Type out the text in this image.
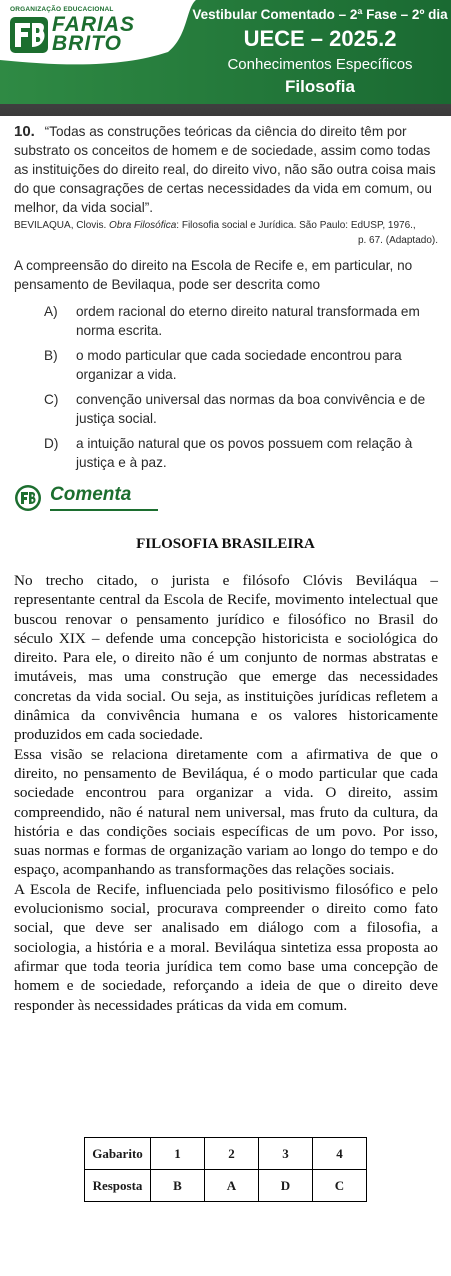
ORGANIZAÇÃO EDUCACIONAL
FARIAS
BRITO
Vestibular Comentado – 2ª Fase – 2º dia
UECE – 2025.2
Conhecimentos Específicos
Filosofia
10. “Todas as construções teóricas da ciência do direito têm por substrato os conceitos de homem e de sociedade, assim como todas as instituições do direito real, do direito vivo, não são outra coisa mais do que consagrações de certas necessidades da vida em comum, ou melhor, da vida social”.
BEVILAQUA, Clovis. Obra Filosófica: Filosofia social e Jurídica. São Paulo: EdUSP, 1976.,
p. 67. (Adaptado).
A compreensão do direito na Escola de Recife e, em particular, no pensamento de Bevilaqua, pode ser descrita como
A) ordem racional do eterno direito natural transformada em norma escrita.
B) o modo particular que cada sociedade encontrou para organizar a vida.
C) convenção universal das normas da boa convivência e de justiça social.
D) a intuição natural que os povos possuem com relação à justiça e à paz.
Comenta
FILOSOFIA BRASILEIRA

No trecho citado, o jurista e filósofo Clóvis Beviláqua – representante central da Escola de Recife, movimento intelectual que buscou renovar o pensamento jurídico e filosófico no Brasil do século XIX – defende uma concepção historicista e sociológica do direito. Para ele, o direito não é um conjunto de normas abstratas e imutáveis, mas uma construção que emerge das necessidades concretas da vida social. Ou seja, as instituições jurídicas refletem a dinâmica da convivência humana e os valores historicamente produzidos em cada sociedade.

Essa visão se relaciona diretamente com a afirmativa de que o direito, no pensamento de Beviláqua, é o modo particular que cada sociedade encontrou para organizar a vida. O direito, assim compreendido, não é natural nem universal, mas fruto da cultura, da história e das condições sociais específicas de um povo. Por isso, suas normas e formas de organização variam ao longo do tempo e do espaço, acompanhando as transformações das relações sociais.

A Escola de Recife, influenciada pelo positivismo filosófico e pelo evolucionismo social, procurava compreender o direito como fato social, que deve ser analisado em diálogo com a filosofia, a sociologia, a história e a moral. Beviláqua sintetiza essa proposta ao afirmar que toda teoria jurídica tem como base uma concepção de homem e de sociedade, reforçando a ideia de que o direito deve responder às necessidades práticas da vida em comum.

Gabarito	1	2	3	4
Resposta	B	A	D	C
